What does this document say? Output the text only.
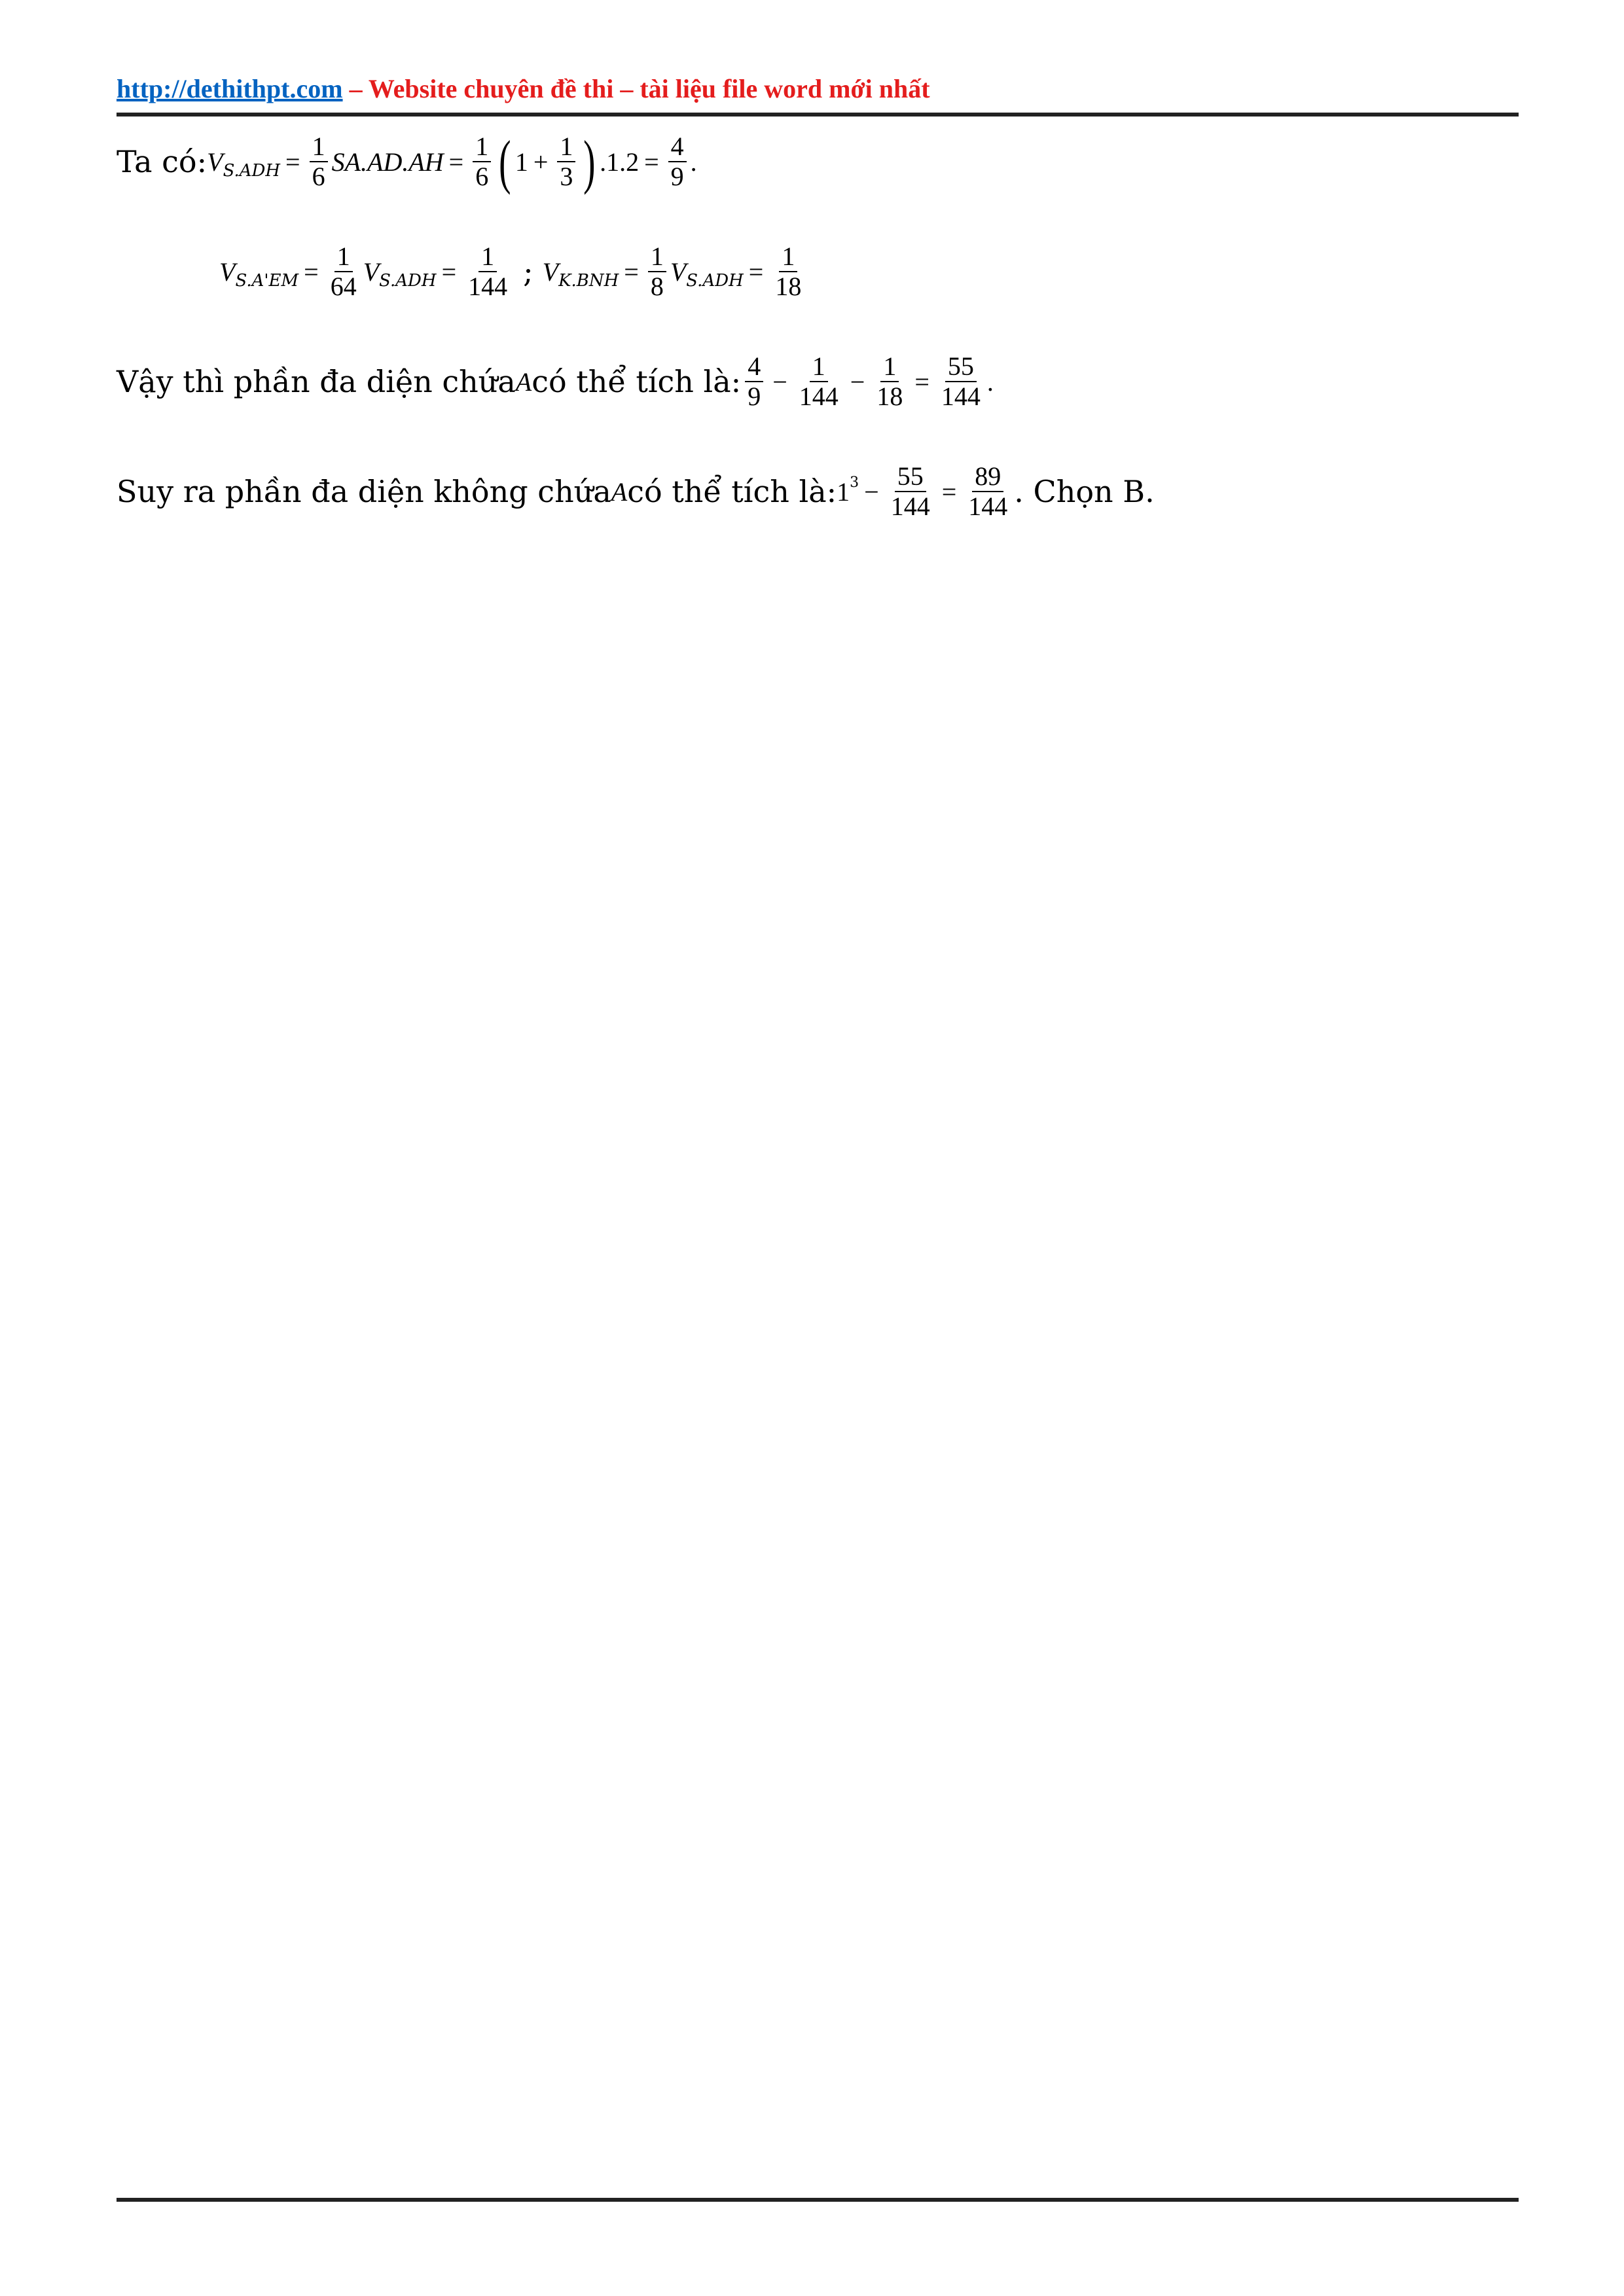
http://dethithpt.com – Website chuyên đề thi – tài liệu file word mới nhất
Ta có: V $S.ADH = \frac{1}{6} SA.AD.AH = \frac{1}{6}$ ( $1 + \frac{1}{3}$ ) $.1.2 = \frac{4}{9}$ .
V $S.A'EM = \frac{1}{64}$ V $S.ADH = \frac{1}{144}$ ; V $K.BNH = \frac{1}{8}$ V $S.ADH = \frac{1}{18}$
Vậy thì phần đa diện chứa A có thể tích là: $\frac{4}{9} - \frac{1}{144} - \frac{1}{18} = \frac{55}{144}$ .
Suy ra phần đa diện không chứa A có thể tích là: 1 $3 - \frac{55}{144} = \frac{89}{144}$ . Chọn B.
